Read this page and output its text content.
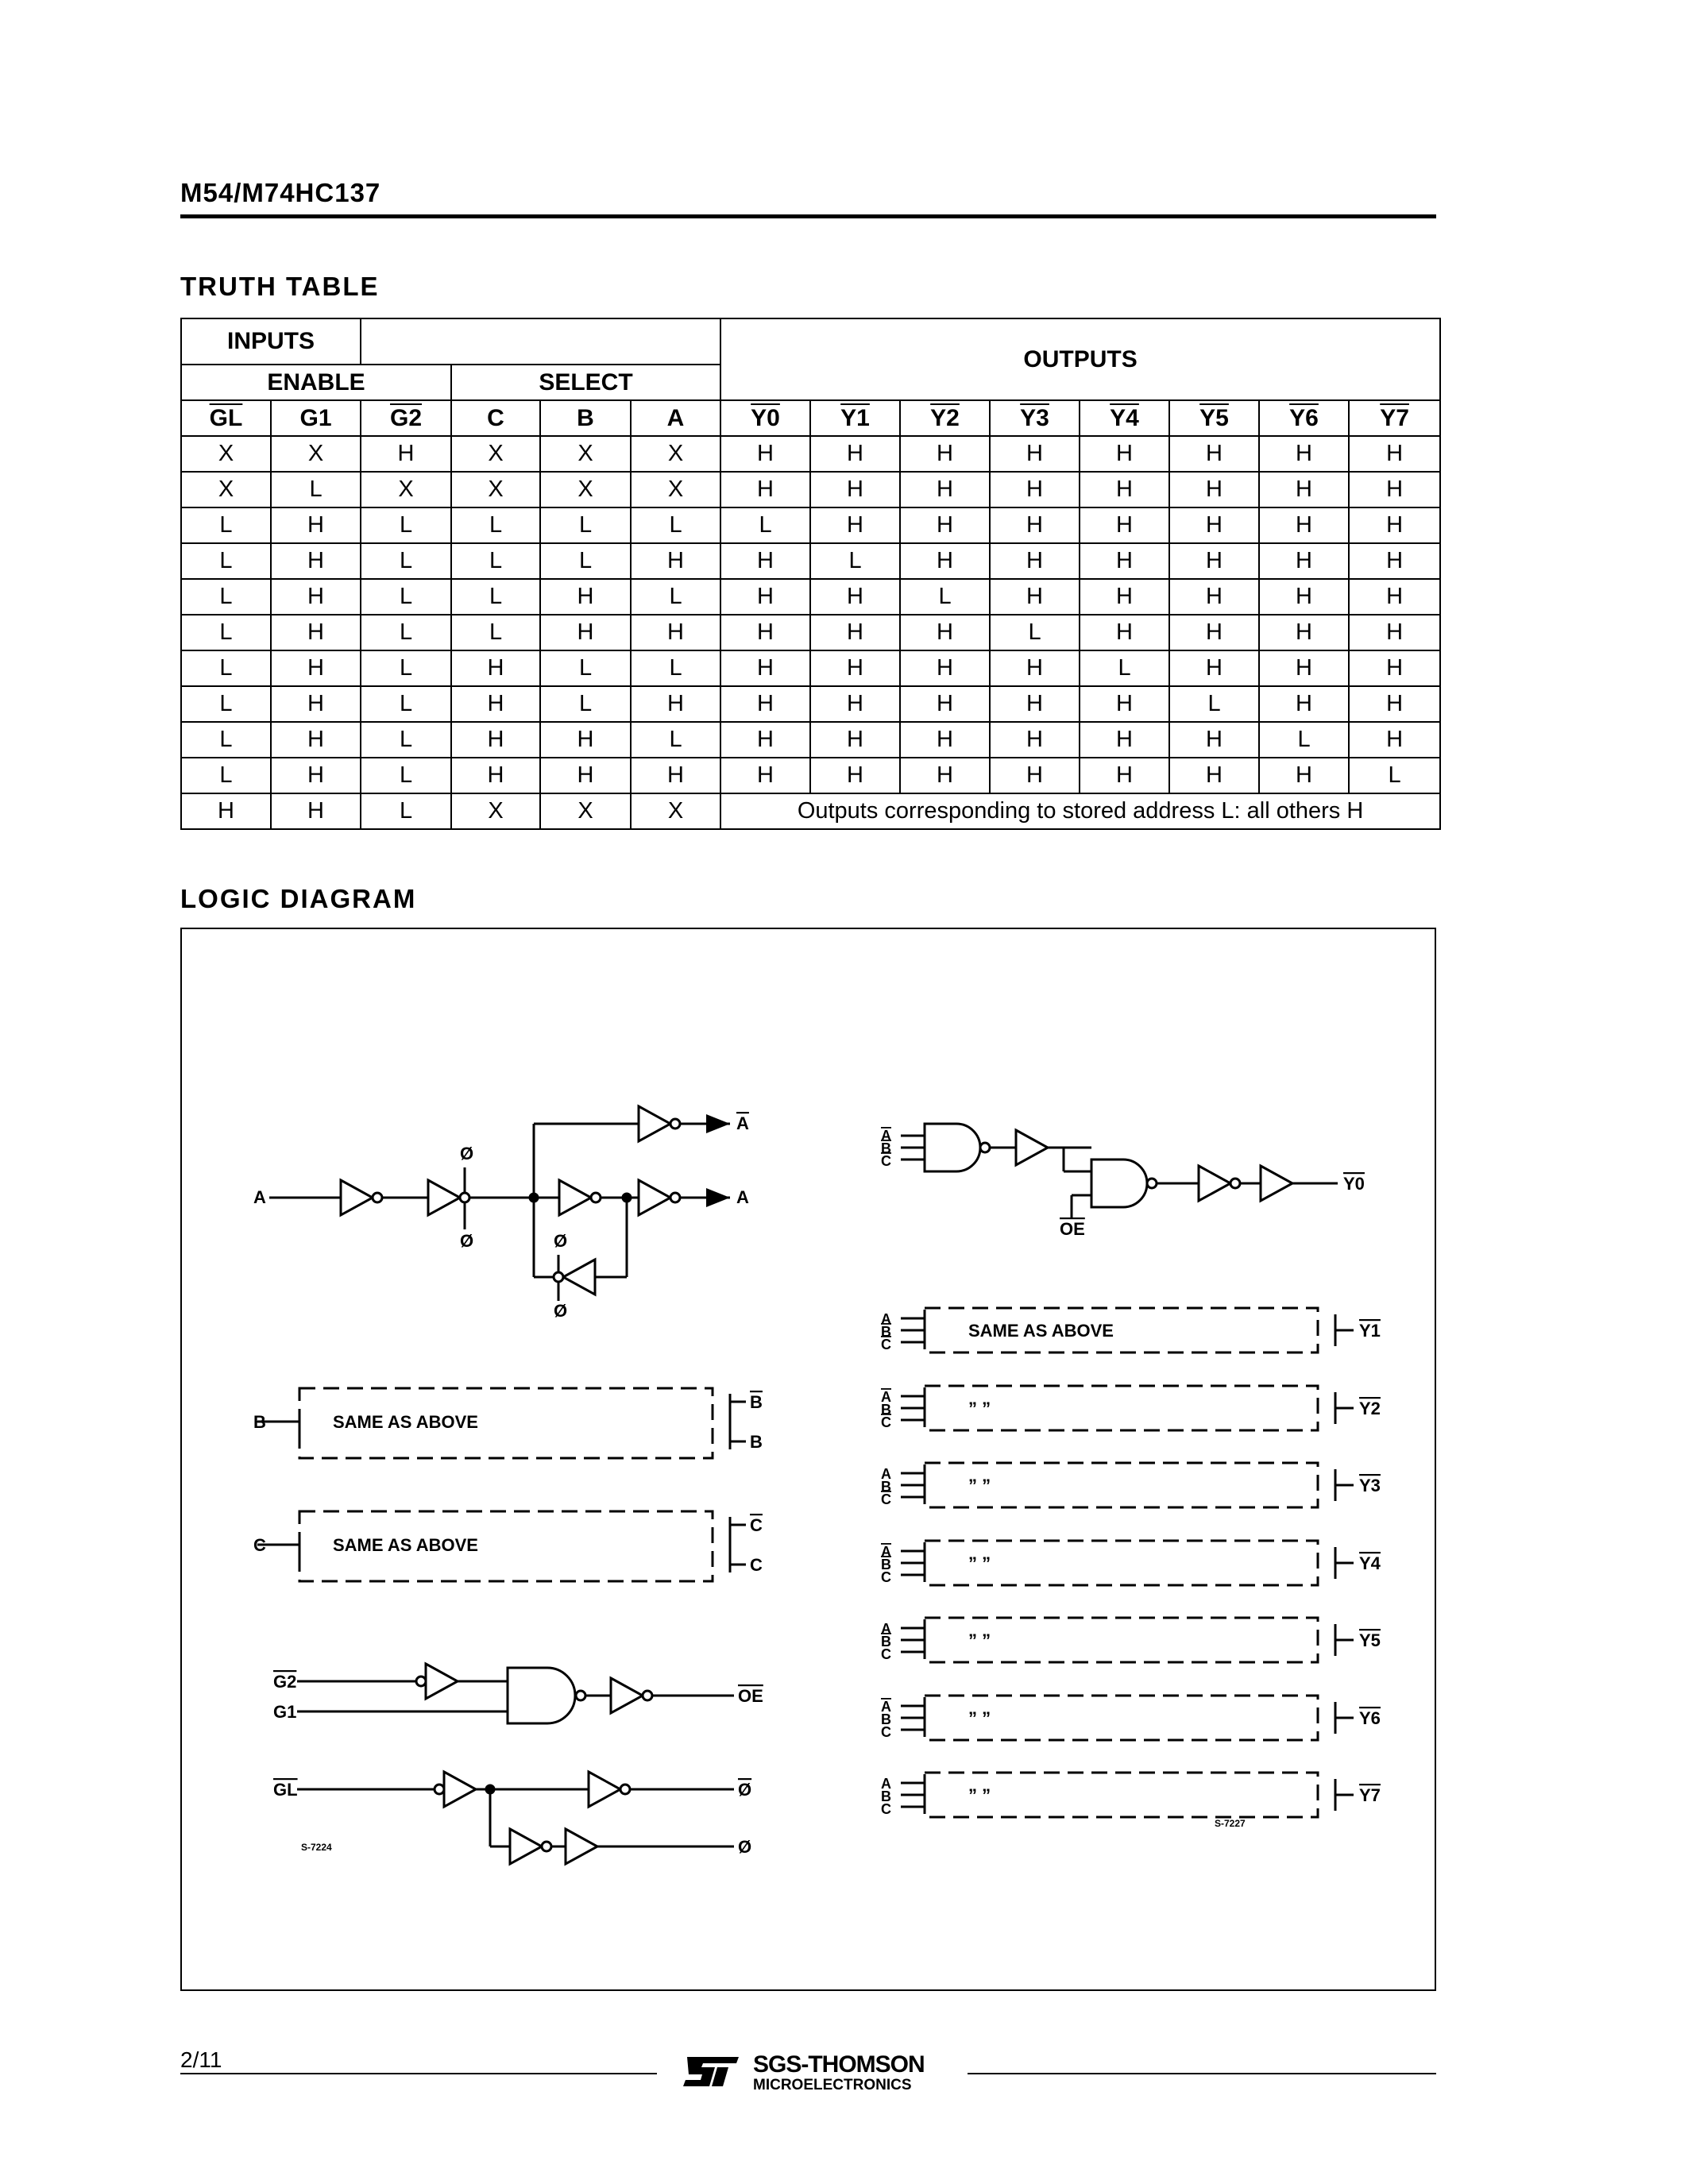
M54/M74HC137
TRUTH TABLE
INPUTS						OUTPUTS							
ENABLE			SELECT										
$\overline{GL}$	G1	G2	C	B	A	Y0	Y1	Y2	Y3	Y4	Y5	Y6	Y7
X	X	H	X	X	X	H	H	H	H	H	H	H	H
X	L	X	X	X	X	H	H	H	H	H	H	H	H
L	H	L	L	L	L	L	H	H	H	H	H	H	H
L	H	L	L	L	H	H	L	H	H	H	H	H	H
L	H	L	L	H	L	H	H	L	H	H	H	H	H
L	H	L	L	H	H	H	H	H	L	H	H	H	H
L	H	L	H	L	L	H	H	H	H	L	H	H	H
L	H	L	H	L	H	H	H	H	H	H	L	H	H
L	H	L	H	H	L	H	H	H	H	H	H	L	H
L	H	L	H	H	H	H	H	H	H	H	H	H	L
H	H	L	X	X	X	Outputs corresponding to stored address L: all others H							
LOGIC DIAGRAM
A
Ø
Ø	Ø
Ø
A
A
B	SAME AS ABOVE
B
B
C	SAME AS ABOVE
C
C
G2
G1
OE
GL	Ø
Ø
S-7224
A
B
C
OE
Y0
S-7227
A
B
C
SAME AS ABOVE	Y1
A
B
C
” ”	Y2
A
B
C
” ”	Y3
A
B
C
” ”	Y4
A
B
C
” ”	Y5
A
B
C
” ”	Y6
A
B
C
” ”	Y7
2/11	SGS-THOMSON
MICROELECTRONICS
